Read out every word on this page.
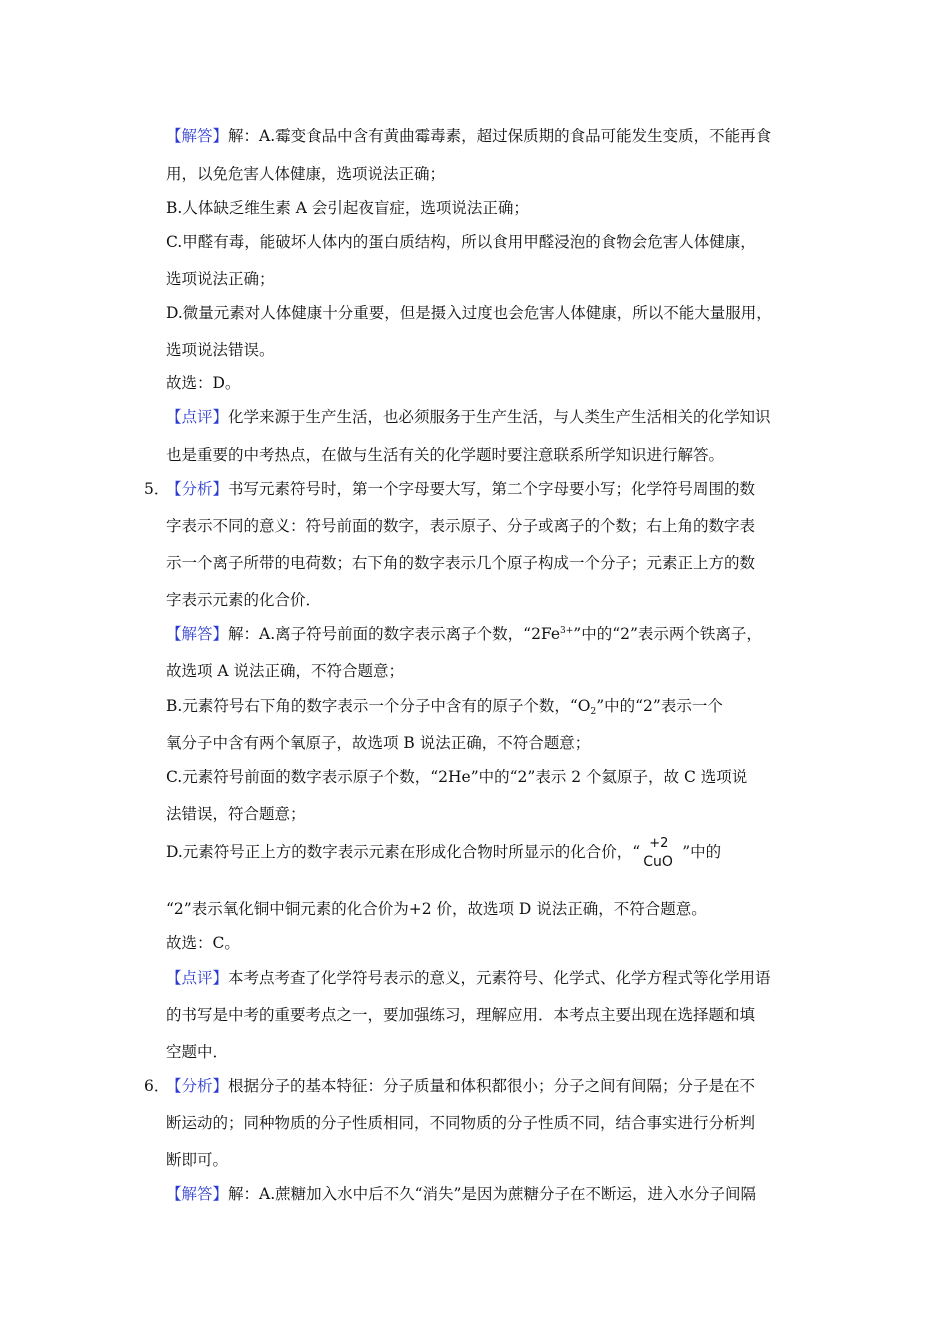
【解答】解：A.霉变食品中含有黄曲霉毒素，超过保质期的食品可能发生变质，不能再食
用，以免危害人体健康，选项说法正确；
B.人体缺乏维生素 A 会引起夜盲症，选项说法正确；
C.甲醛有毒，能破坏人体内的蛋白质结构，所以食用甲醛浸泡的食物会危害人体健康，
选项说法正确；
D.微量元素对人体健康十分重要，但是摄入过度也会危害人体健康，所以不能大量服用，
选项说法错误。
故选：D。
【点评】化学来源于生产生活，也必须服务于生产生活，与人类生产生活相关的化学知识
也是重要的中考热点，在做与生活有关的化学题时要注意联系所学知识进行解答。
5．
【分析】书写元素符号时，第一个字母要大写，第二个字母要小写；化学符号周围的数
字表示不同的意义：符号前面的数字，表示原子、分子或离子的个数；右上角的数字表
示一个离子所带的电荷数；右下角的数字表示几个原子构成一个分子；元素正上方的数
字表示元素的化合价．
【解答】解：A.离子符号前面的数字表示离子个数，“$2Fe^{3+}$”中的“2”表示两个铁离子，
故选项 A 说法正确，不符合题意；
B.元素符号右下角的数字表示一个分子中含有的原子个数，“$O_2$”中的“2”表示一个
氧分子中含有两个氧原子，故选项 B 说法正确，不符合题意；
C.元素符号前面的数字表示原子个数，“2He”中的“2”表示 2 个氦原子，故 C 选项说
法错误，符合题意；
D.元素符号正上方的数字表示元素在形成化合物时所显示的化合价，“ +2
CuO
”中的
“2”表示氧化铜中铜元素的化合价为+2 价，故选项 D 说法正确，不符合题意。
故选：C。
【点评】本考点考查了化学符号表示的意义，元素符号、化学式、化学方程式等化学用语
的书写是中考的重要考点之一，要加强练习，理解应用．本考点主要出现在选择题和填
空题中．
6．
【分析】根据分子的基本特征：分子质量和体积都很小；分子之间有间隔；分子是在不
断运动的；同种物质的分子性质相同，不同物质的分子性质不同，结合事实进行分析判
断即可。
【解答】解：A.蔗糖加入水中后不久“消失”是因为蔗糖分子在不断运，进入水分子间隔
